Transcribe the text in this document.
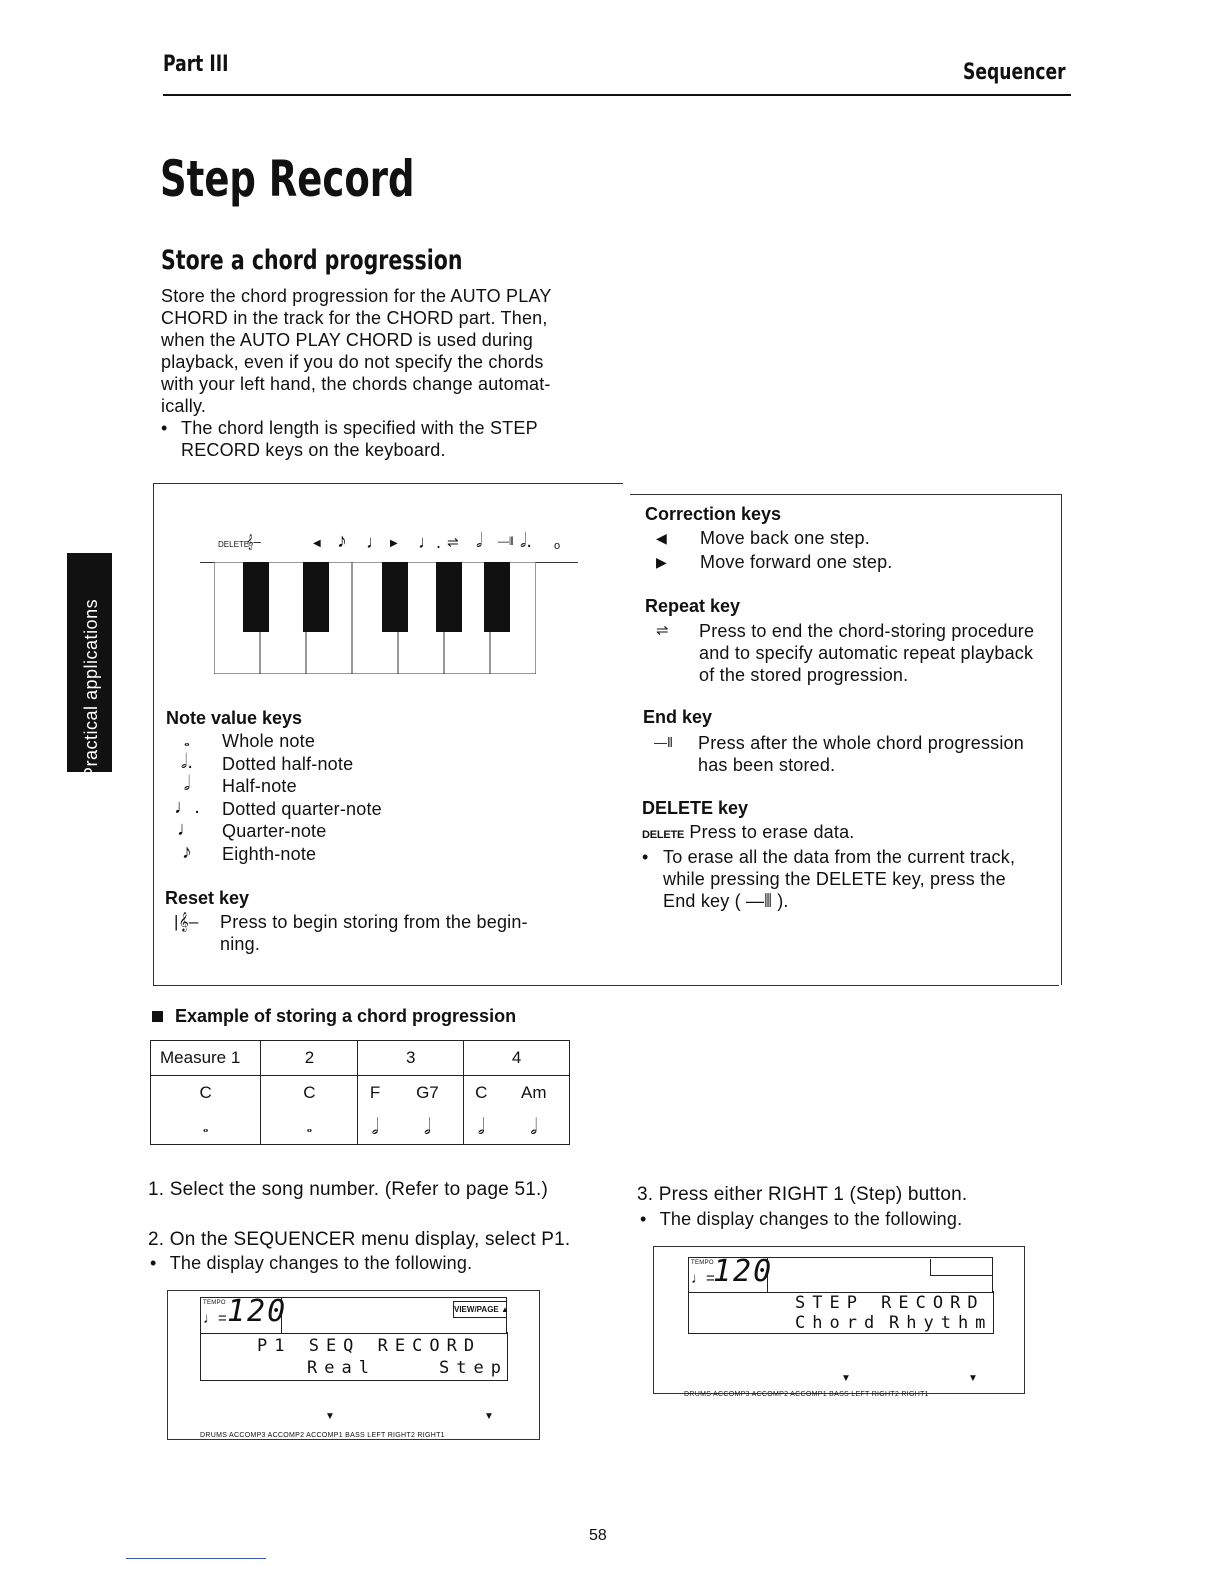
Part III	Sequencer
Practical applications
Step Record
Store a chord progression
Store the chord progression for the AUTO PLAY
CHORD in the track for the CHORD part. Then,
when the AUTO PLAY CHORD is used during
playback, even if you do not specify the chords
with your left hand, the chords change automat-
ically.
• The chord length is specified with the STEP
RECORD keys on the keyboard.
DELETE
𝄞–	◀ ♪ ♩ ▶ ♩. ⇌ 𝅗𝅥 —⫴ 𝅗𝅥. o
Note value keys
𝅝	Whole note
𝅗𝅥.	Dotted half-note
𝅗𝅥	Half-note
♩. Dotted quarter-note
♩ Quarter-note
♪	Eighth-note
Reset key
|𝄞–	Press to begin storing from the begin-
ning.
Correction keys
◀ Move back one step.
▶ Move forward one step.
Repeat key
⇌	Press to end the chord-storing procedure
and to specify automatic repeat playback
of the stored progression.
End key
—⫴	Press after the whole chord progression
has been stored.
DELETE key
DELETE Press to erase data.
• To erase all the data from the current track,
while pressing the DELETE key, press the
End key ( —⫴ ).
Example of storing a chord progression
Measure 1	2	3		4	
C	C	F	G7	C	Am
𝅝	𝅝	𝅗𝅥	𝅗𝅥	𝅗𝅥	𝅗𝅥
1. Select the song number. (Refer to page 51.)
2. On the SEQUENCER menu display, select P1.
• The display changes to the following.
TEMPO
♩= 120	VIEW/PAGE ▲
P1 SEQ RECORD
Real	Step
▼	▼
DRUMS ACCOMP3 ACCOMP2 ACCOMP1 BASS LEFT RIGHT2 RIGHT1
3. Press either RIGHT 1 (Step) button.
• The display changes to the following.
TEMPO
♩=
120
STEP RECORD
Chord Rhythm
▼	▼
DRUMS ACCOMP3 ACCOMP2 ACCOMP1 BASS LEFT RIGHT2 RIGHT1
58
